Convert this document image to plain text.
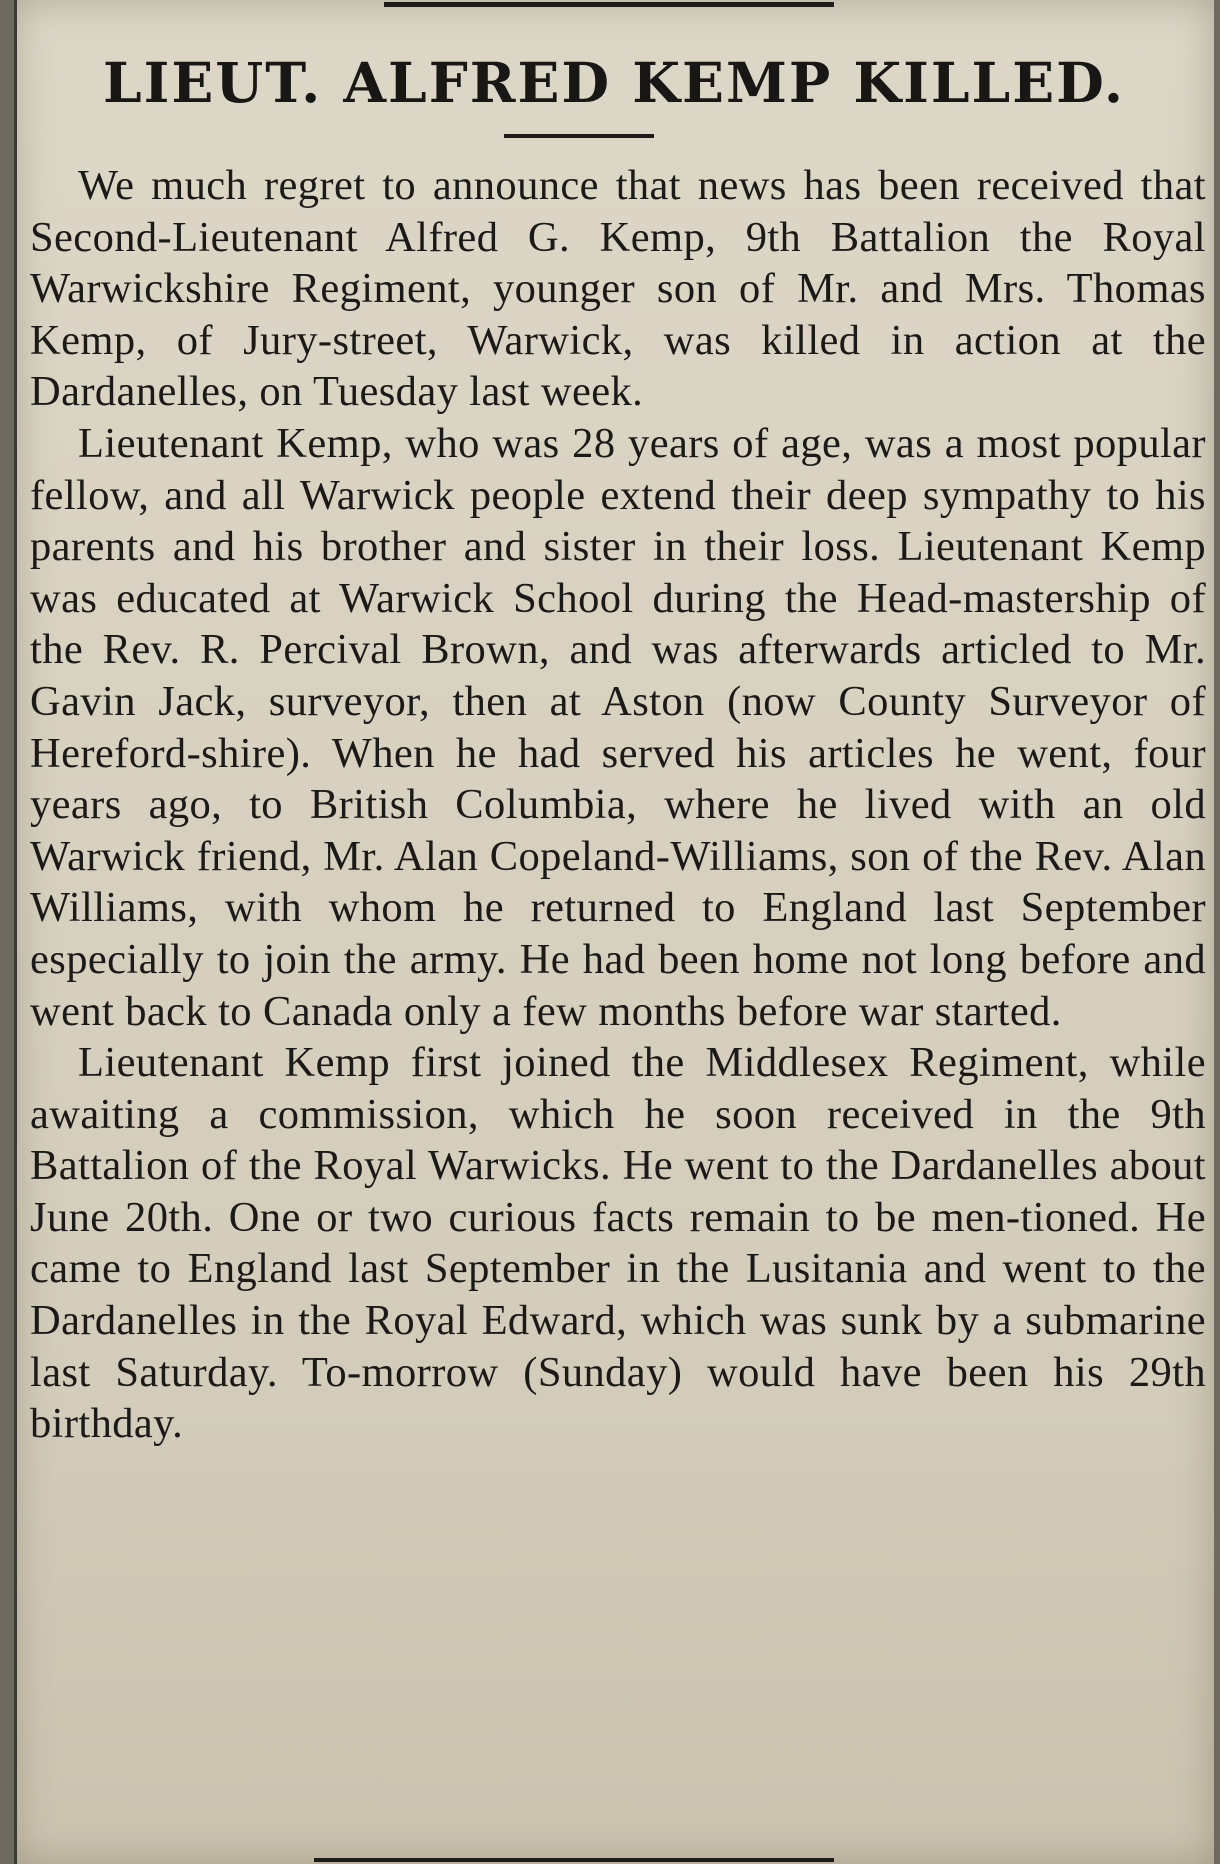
LIEUT. ALFRED KEMP KILLED.

We much regret to announce that news has been received that Second-Lieutenant Alfred G. Kemp, 9th Battalion the Royal Warwickshire Regiment, younger son of Mr. and Mrs. Thomas Kemp, of Jury-street, Warwick, was killed in action at the Dardanelles, on Tuesday last week.

Lieutenant Kemp, who was 28 years of age, was a most popular fellow, and all Warwick people extend their deep sympathy to his parents and his brother and sister in their loss. Lieutenant Kemp was educated at Warwick School during the Head-mastership of the Rev. R. Percival Brown, and was afterwards articled to Mr. Gavin Jack, surveyor, then at Aston (now County Surveyor of Hereford-shire). When he had served his articles he went, four years ago, to British Columbia, where he lived with an old Warwick friend, Mr. Alan Copeland-Williams, son of the Rev. Alan Williams, with whom he returned to England last September especially to join the army. He had been home not long before and went back to Canada only a few months before war started.

Lieutenant Kemp first joined the Middlesex Regiment, while awaiting a commission, which he soon received in the 9th Battalion of the Royal Warwicks. He went to the Dardanelles about June 20th. One or two curious facts remain to be men-tioned. He came to England last September in the Lusitania and went to the Dardanelles in the Royal Edward, which was sunk by a submarine last Saturday. To-morrow (Sunday) would have been his 29th birthday.
